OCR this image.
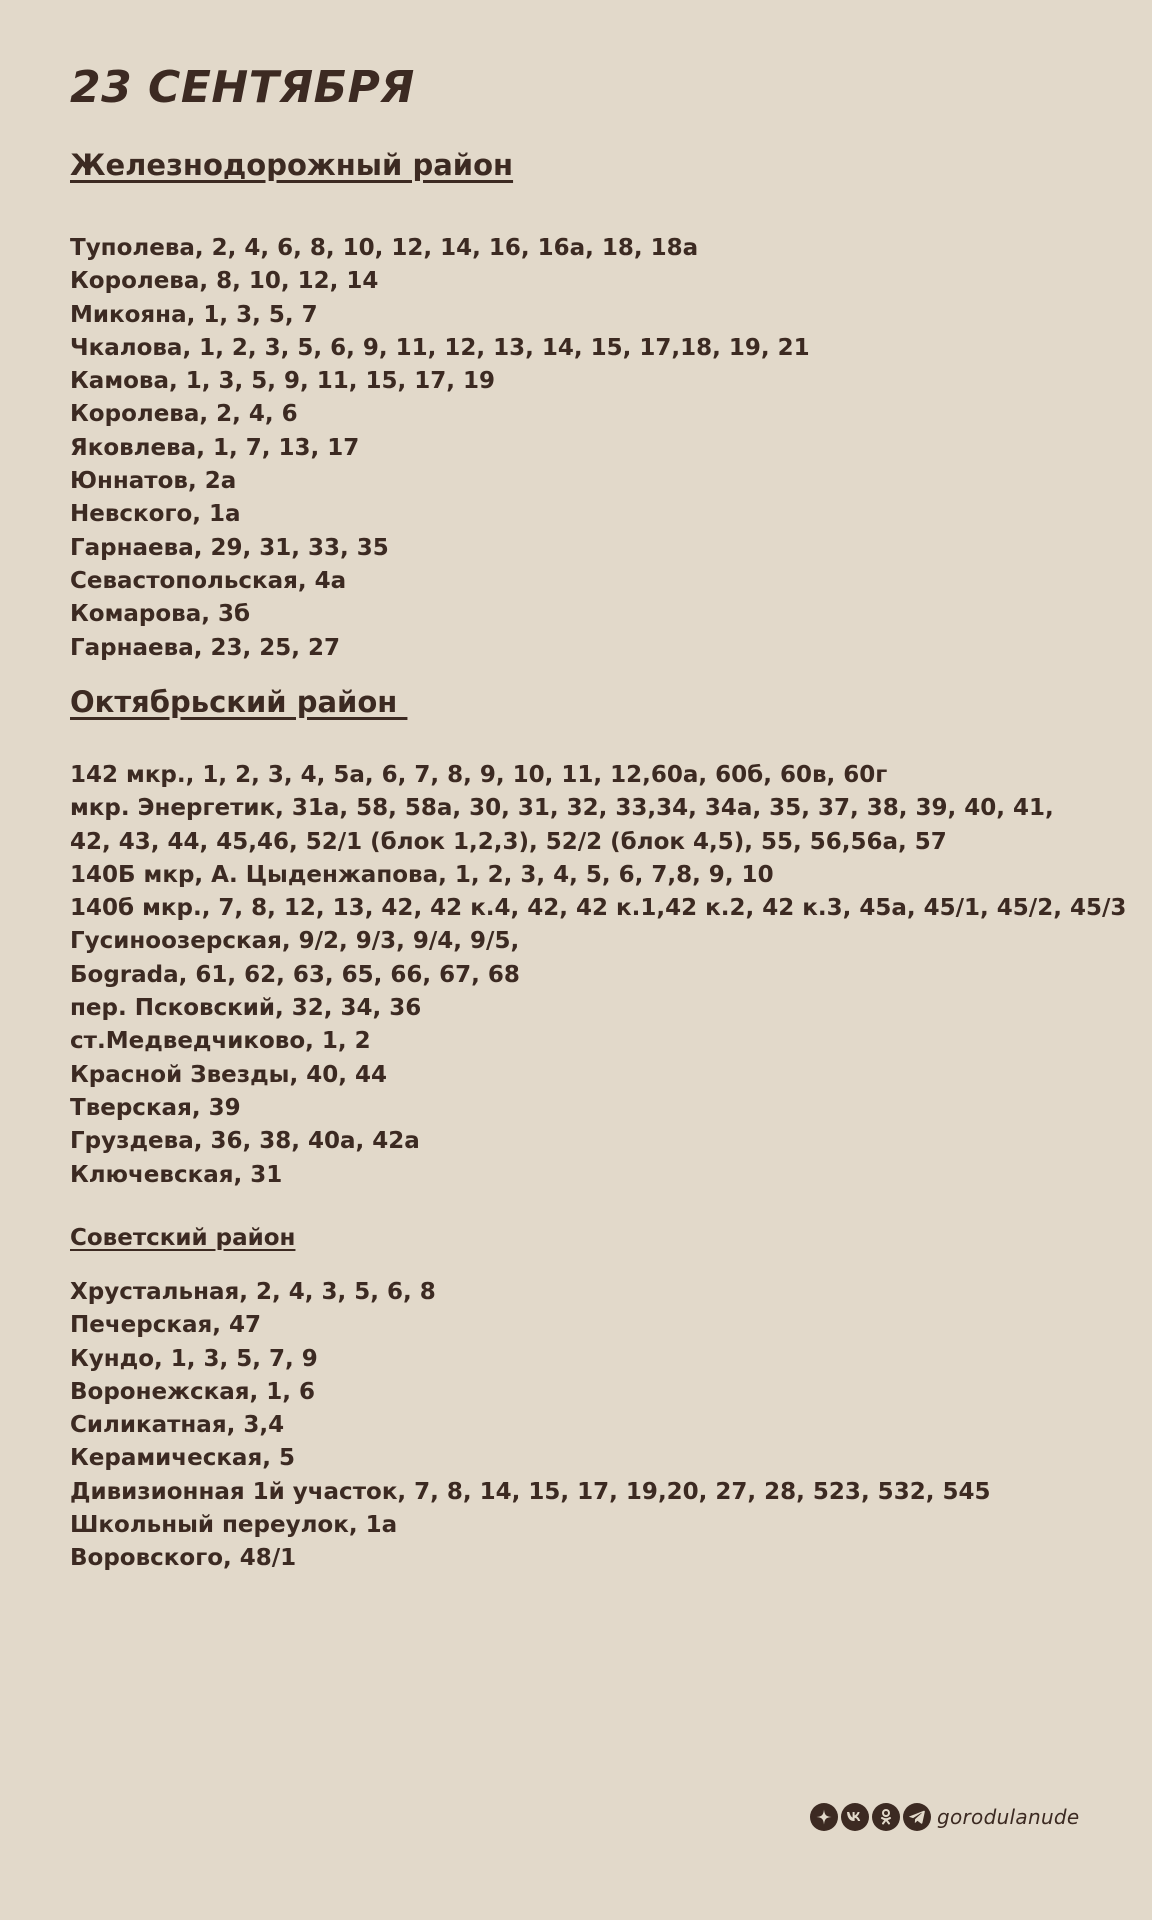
23 СЕНТЯБРЯ
Железнодорожный район
Туполева, 2, 4, 6, 8, 10, 12, 14, 16, 16а, 18, 18а
Королева, 8, 10, 12, 14
Микояна, 1, 3, 5, 7
Чкалова, 1, 2, 3, 5, 6, 9, 11, 12, 13, 14, 15, 17,18, 19, 21
Камова, 1, 3, 5, 9, 11, 15, 17, 19
Королева, 2, 4, 6
Яковлева, 1, 7, 13, 17
Юннатов, 2а
Невского, 1а
Гарнаева, 29, 31, 33, 35
Севастопольская, 4а
Комарова, 3б
Гарнаева, 23, 25, 27
Октябрьский район
142 мкр., 1, 2, 3, 4, 5а, 6, 7, 8, 9, 10, 11, 12,60а, 60б, 60в, 60г
мкр. Энергетик, 31а, 58, 58а, 30, 31, 32, 33,34, 34а, 35, 37, 38, 39, 40, 41, 42, 43, 44, 45,46, 52/1 (блок 1,2,3), 52/2 (блок 4,5), 55, 56,56а, 57
140Б мкр, А. Цыденжапова, 1, 2, 3, 4, 5, 6, 7,8, 9, 10
140б мкр., 7, 8, 12, 13, 42, 42 к.4, 42, 42 к.1,42 к.2, 42 к.3, 45а, 45/1, 45/2, 45/3
Гусиноозерская, 9/2, 9/3, 9/4, 9/5,
Бograda, 61, 62, 63, 65, 66, 67, 68
пер. Псковский, 32, 34, 36
ст.Медведчиково, 1, 2
Красной Звезды, 40, 44
Тверская, 39
Груздева, 36, 38, 40а, 42а
Ключевская, 31
Советский район
Хрустальная, 2, 4, 3, 5, 6, 8
Печерская, 47
Кундо, 1, 3, 5, 7, 9
Воронежская, 1, 6
Силикатная, 3,4
Керамическая, 5
Дивизионная 1й участок, 7, 8, 14, 15, 17, 19,20, 27, 28, 523, 532, 545
Школьный переулок, 1а
Воровского, 48/1
gorodulanude
